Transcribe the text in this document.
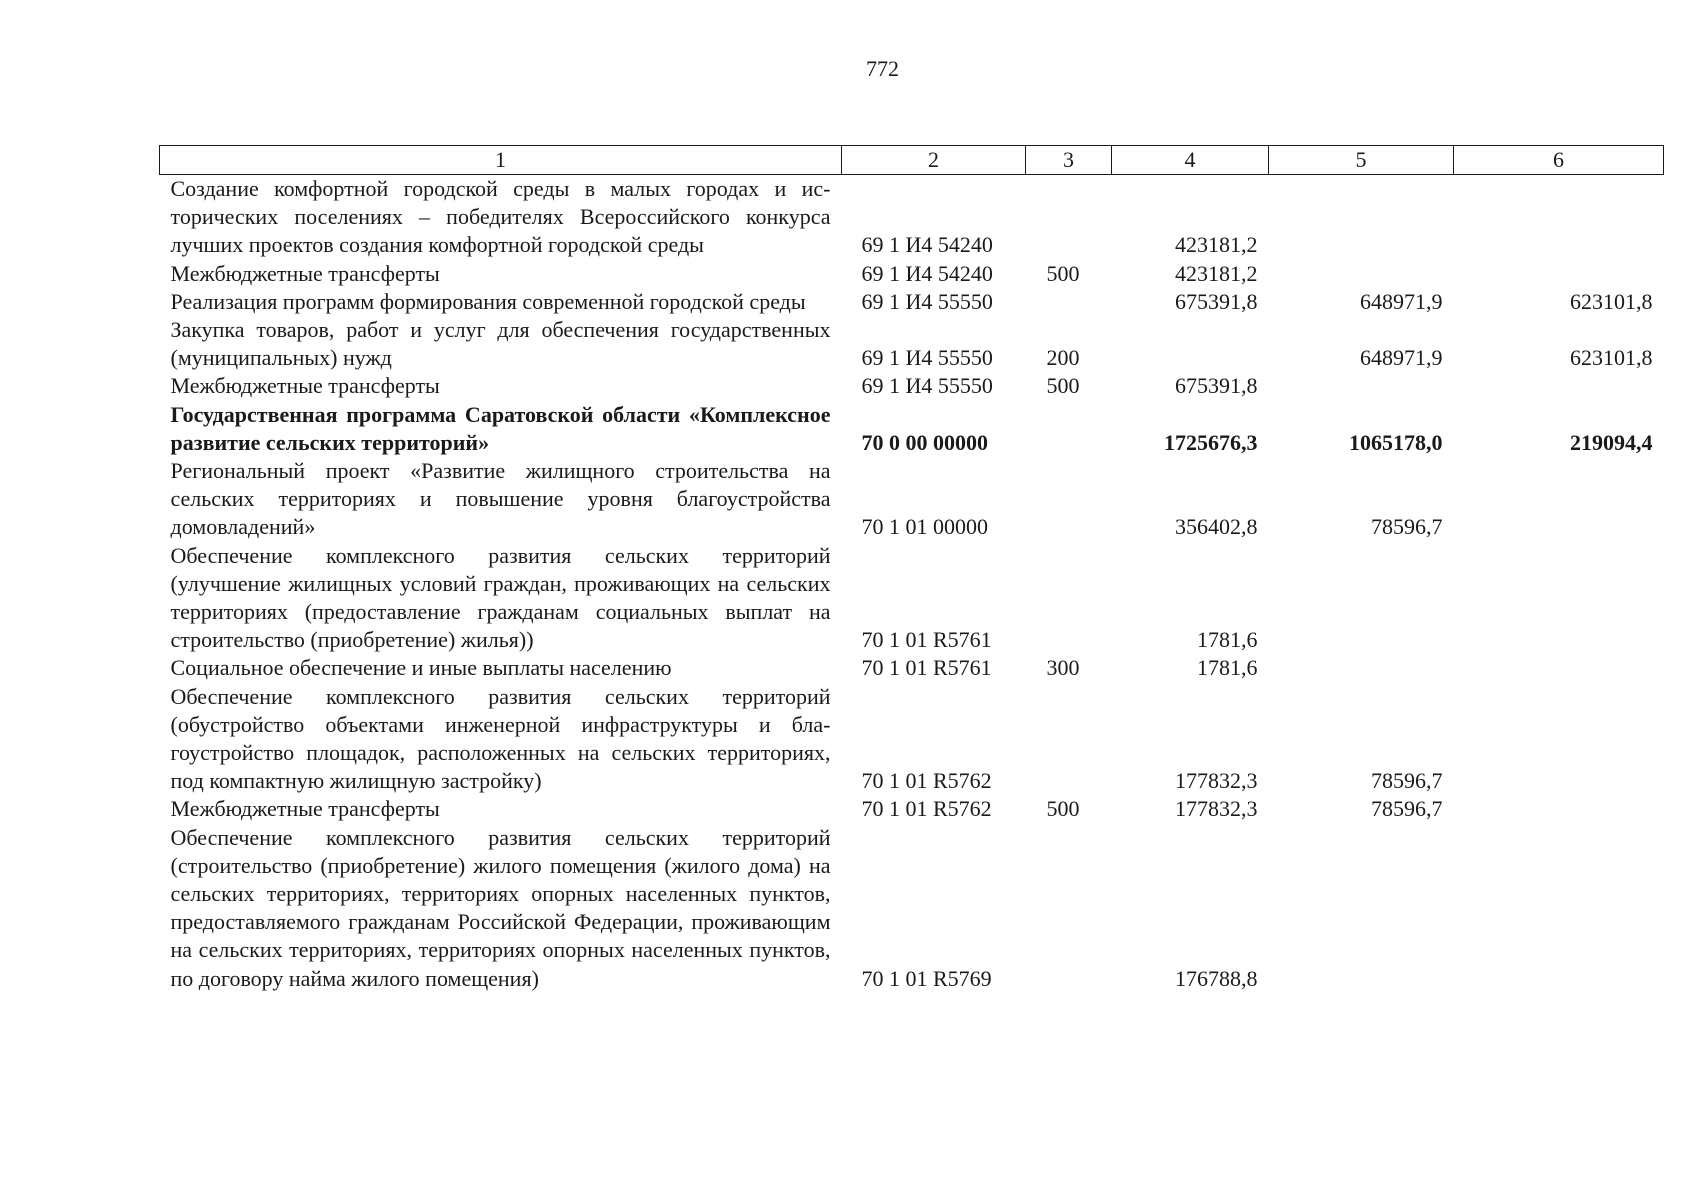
772
1	2	3	4	5	6
Создание комфортной городской среды в малых городах и исторических поселениях – победителях Всероссийского конкурса лучших проектов создания комфортной городской среды	69 1 И4 54240		423181,2		
Межбюджетные трансферты	69 1 И4 54240	500	423181,2		
Реализация программ формирования современной городской среды	69 1 И4 55550		675391,8	648971,9	623101,8
Закупка товаров, работ и услуг для обеспечения государственных (муниципальных) нужд	69 1 И4 55550	200		648971,9	623101,8
Межбюджетные трансферты	69 1 И4 55550	500	675391,8		
Государственная программа Саратовской области «Комплексное развитие сельских территорий»	70 0 00 00000		1725676,3	1065178,0	219094,4
Региональный проект «Развитие жилищного строительства на сельских территориях и повышение уровня благоустройства домовладений»	70 1 01 00000		356402,8	78596,7	
Обеспечение комплексного развития сельских территорий (улучшение жилищных условий граждан, проживающих на сельских территориях (предоставление гражданам социальных выплат на строительство (приобретение) жилья))	70 1 01 R5761		1781,6		
Социальное обеспечение и иные выплаты населению	70 1 01 R5761	300	1781,6		
Обеспечение комплексного развития сельских территорий (обустройство объектами инженерной инфраструктуры и благоустройство площадок, расположенных на сельских территориях, под компактную жилищную застройку)	70 1 01 R5762		177832,3	78596,7	
Межбюджетные трансферты	70 1 01 R5762	500	177832,3	78596,7	
Обеспечение комплексного развития сельских территорий (строительство (приобретение) жилого помещения (жилого дома) на сельских территориях, территориях опорных населенных пунктов, предоставляемого гражданам Российской Федерации, проживающим на сельских территориях, территориях опорных населенных пунктов, по договору найма жилого помещения)	70 1 01 R5769		176788,8		
